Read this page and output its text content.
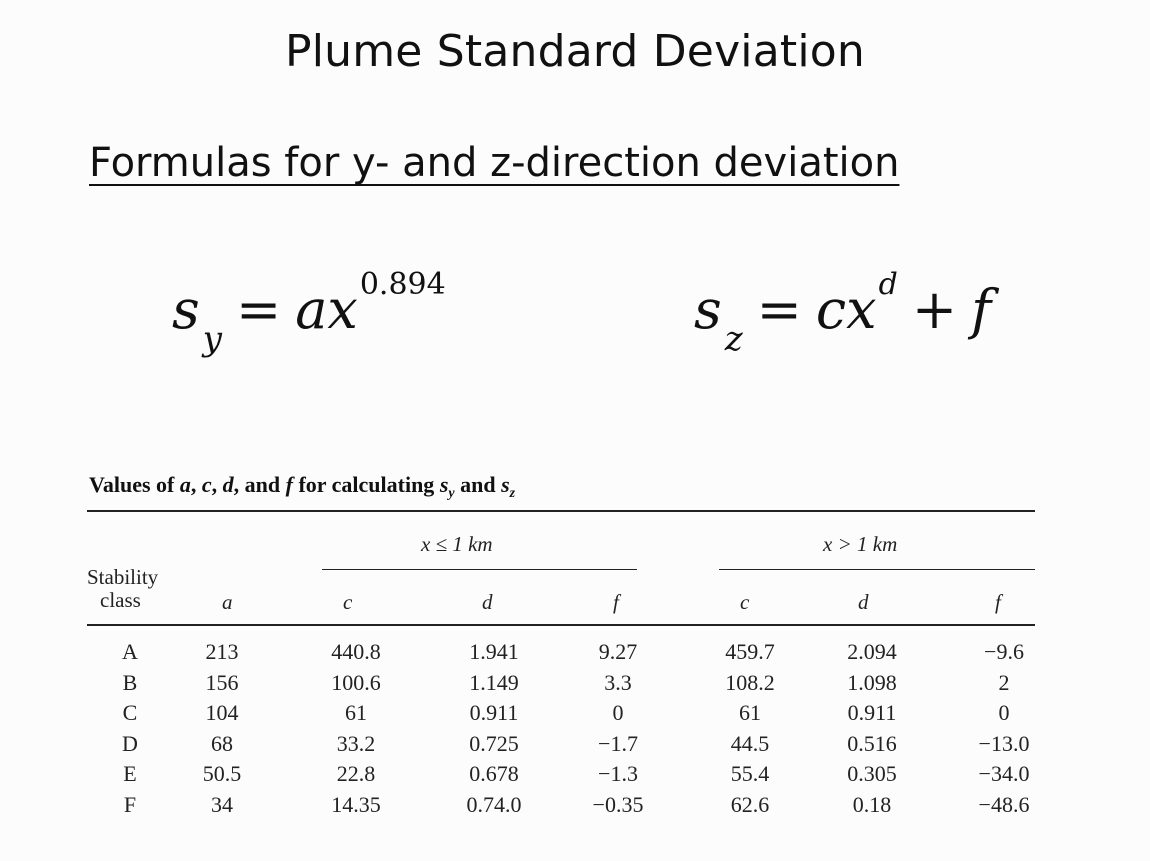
Plume Standard Deviation
Formulas for y- and z-direction deviation
$s_y = ax^{0.894}$	$s_z = cx^d + f$
Values of a, c, d, and f for calculating $s_y$ and $s_z$
x ≤ 1 km	x > 1 km
Stability
class	a	c	d	f	c	d	f
A	213	440.8	1.941	9.27	459.7	2.094	−9.6
B	156	100.6	1.149	3.3	108.2	1.098	2
C	104	61	0.911	0	61	0.911	0
D	68	33.2	0.725	−1.7	44.5	0.516	−13.0
E	50.5	22.8	0.678	−1.3	55.4	0.305	−34.0
F	34	14.35	0.74.0	−0.35	62.6	0.18	−48.6
